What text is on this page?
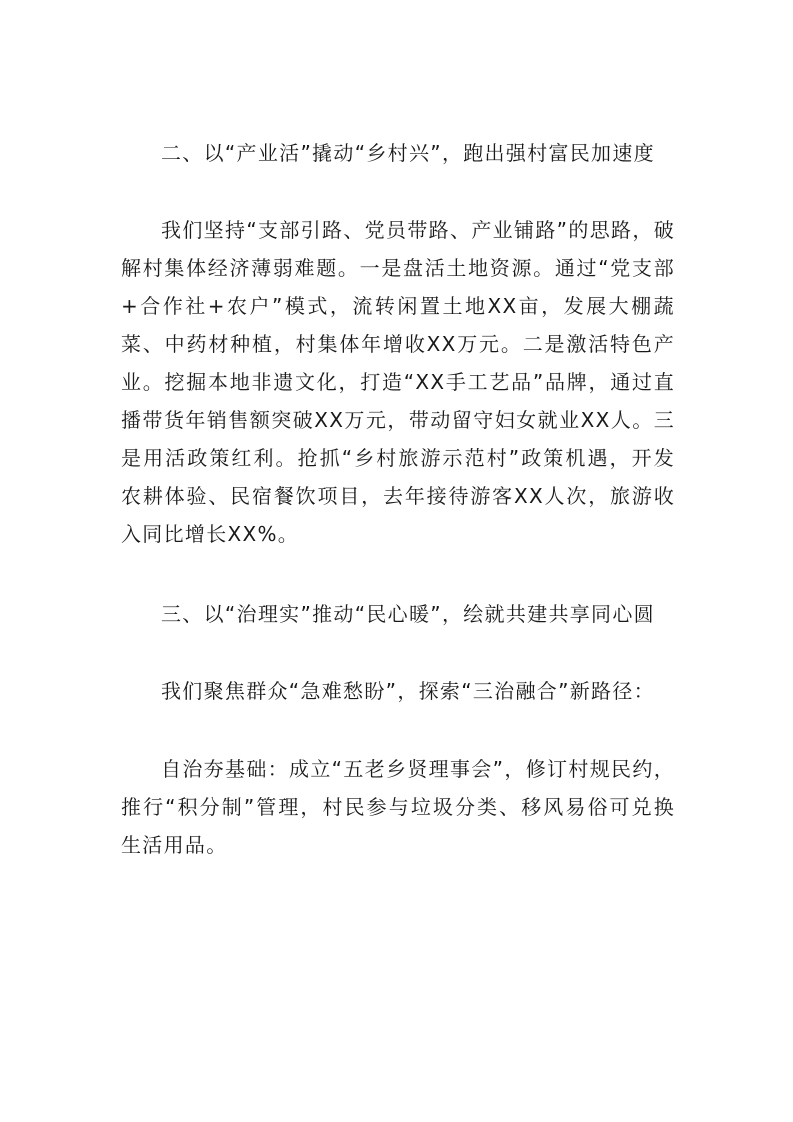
二、以“产业活”撬动“乡村兴”，跑出强村富民加速度

我们坚持“支部引路、党员带路、产业铺路”的思路，破解村集体经济薄弱难题。一是盘活土地资源。通过“党支部+合作社+农户”模式，流转闲置土地XX亩，发展大棚蔬菜、中药材种植，村集体年增收XX万元。二是激活特色产业。挖掘本地非遗文化，打造“XX手工艺品”品牌，通过直播带货年销售额突破XX万元，带动留守妇女就业XX人。三是用活政策红利。抢抓“乡村旅游示范村”政策机遇，开发农耕体验、民宿餐饮项目，去年接待游客XX人次，旅游收入同比增长XX%。

三、以“治理实”推动“民心暖”，绘就共建共享同心圆

我们聚焦群众“急难愁盼”，探索“三治融合”新路径：

自治夯基础：成立“五老乡贤理事会”，修订村规民约，推行“积分制”管理，村民参与垃圾分类、移风易俗可兑换生活用品。
